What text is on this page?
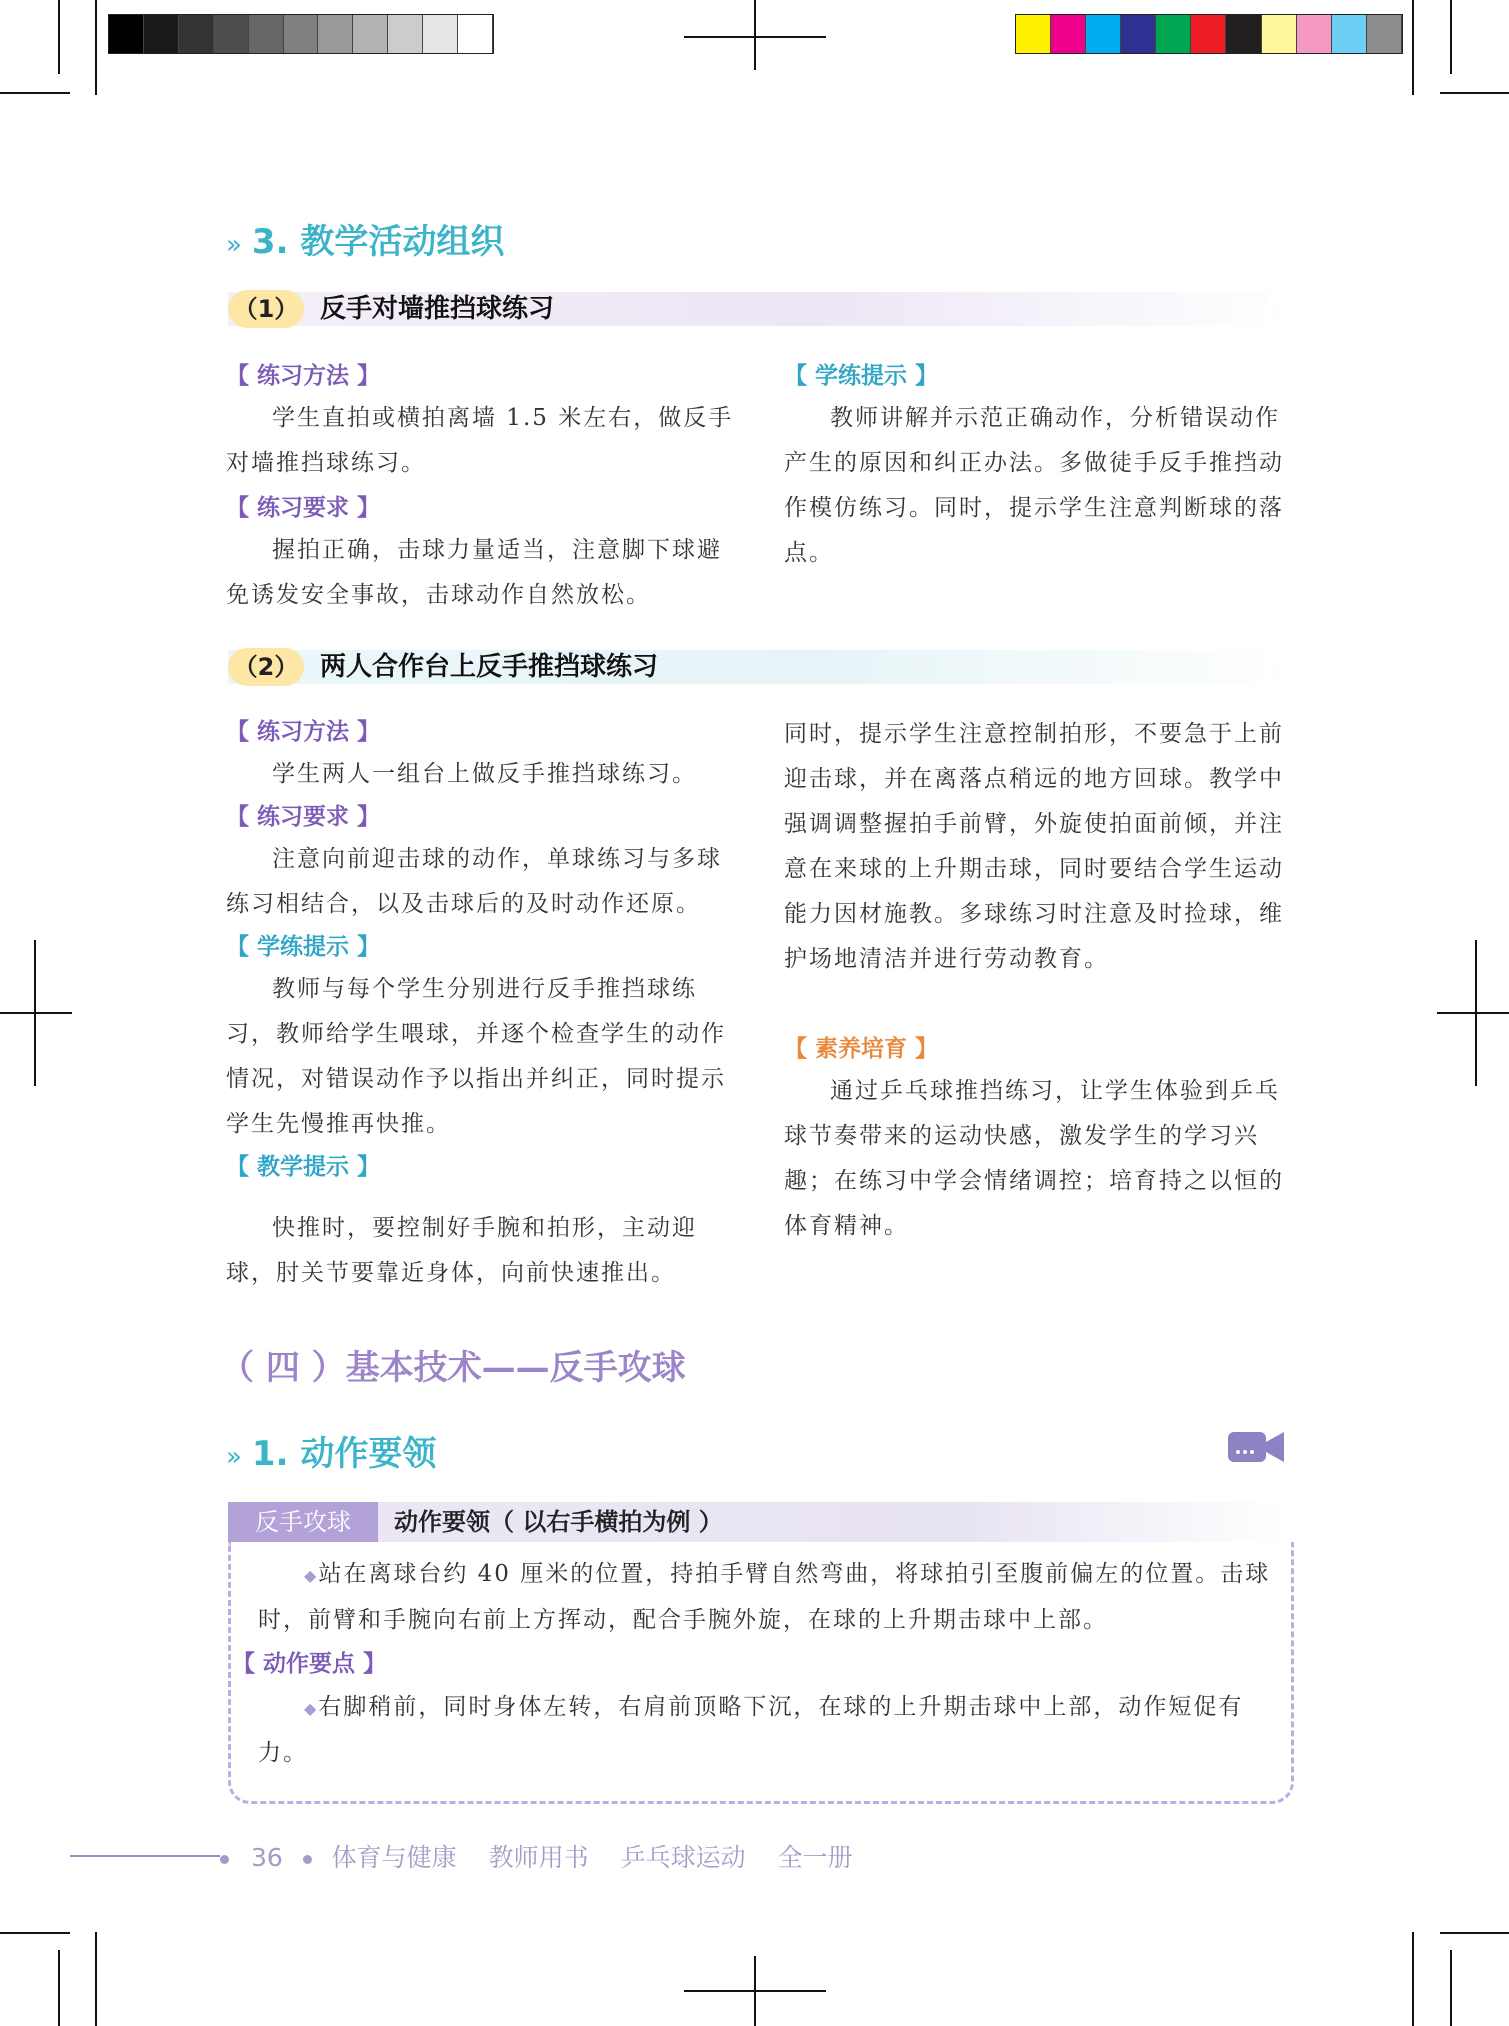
» 3. 教学活动组织
（1） 反手对墙推挡球练习
【 练习方法 】
学生直拍或横拍离墙 1.5 米左右，做反手对墙推挡球练习。
【 练习要求 】
握拍正确，击球力量适当，注意脚下球避免诱发安全事故，击球动作自然放松。
【 学练提示 】
教师讲解并示范正确动作，分析错误动作产生的原因和纠正办法。多做徒手反手推挡动作模仿练习。同时，提示学生注意判断球的落点。
（2） 两人合作台上反手推挡球练习
【 练习方法 】
学生两人一组台上做反手推挡球练习。
【 练习要求 】
注意向前迎击球的动作，单球练习与多球练习相结合，以及击球后的及时动作还原。
【 学练提示 】
教师与每个学生分别进行反手推挡球练习，教师给学生喂球，并逐个检查学生的动作情况，对错误动作予以指出并纠正，同时提示学生先慢推再快推。
【 教学提示 】
快推时，要控制好手腕和拍形，主动迎球，肘关节要靠近身体，向前快速推出。
同时，提示学生注意控制拍形，不要急于上前迎击球，并在离落点稍远的地方回球。教学中强调调整握拍手前臂，外旋使拍面前倾，并注意在来球的上升期击球，同时要结合学生运动能力因材施教。多球练习时注意及时捡球，维护场地清洁并进行劳动教育。
【 素养培育 】
通过乒乓球推挡练习，让学生体验到乒乓球节奏带来的运动快感，激发学生的学习兴趣；在练习中学会情绪调控；培育持之以恒的体育精神。
（ 四 ）基本技术——反手攻球
» 1. 动作要领
反手攻球	动作要领（ 以右手横拍为例 ）
◆站在离球台约 40 厘米的位置，持拍手臂自然弯曲，将球拍引至腹前偏左的位置。击球时，前臂和手腕向右前上方挥动，配合手腕外旋，在球的上升期击球中上部。
【 动作要点 】
◆右脚稍前，同时身体左转，右肩前顶略下沉，在球的上升期击球中上部，动作短促有力。
36 体育与健康 教师用书 乒乓球运动 全一册
